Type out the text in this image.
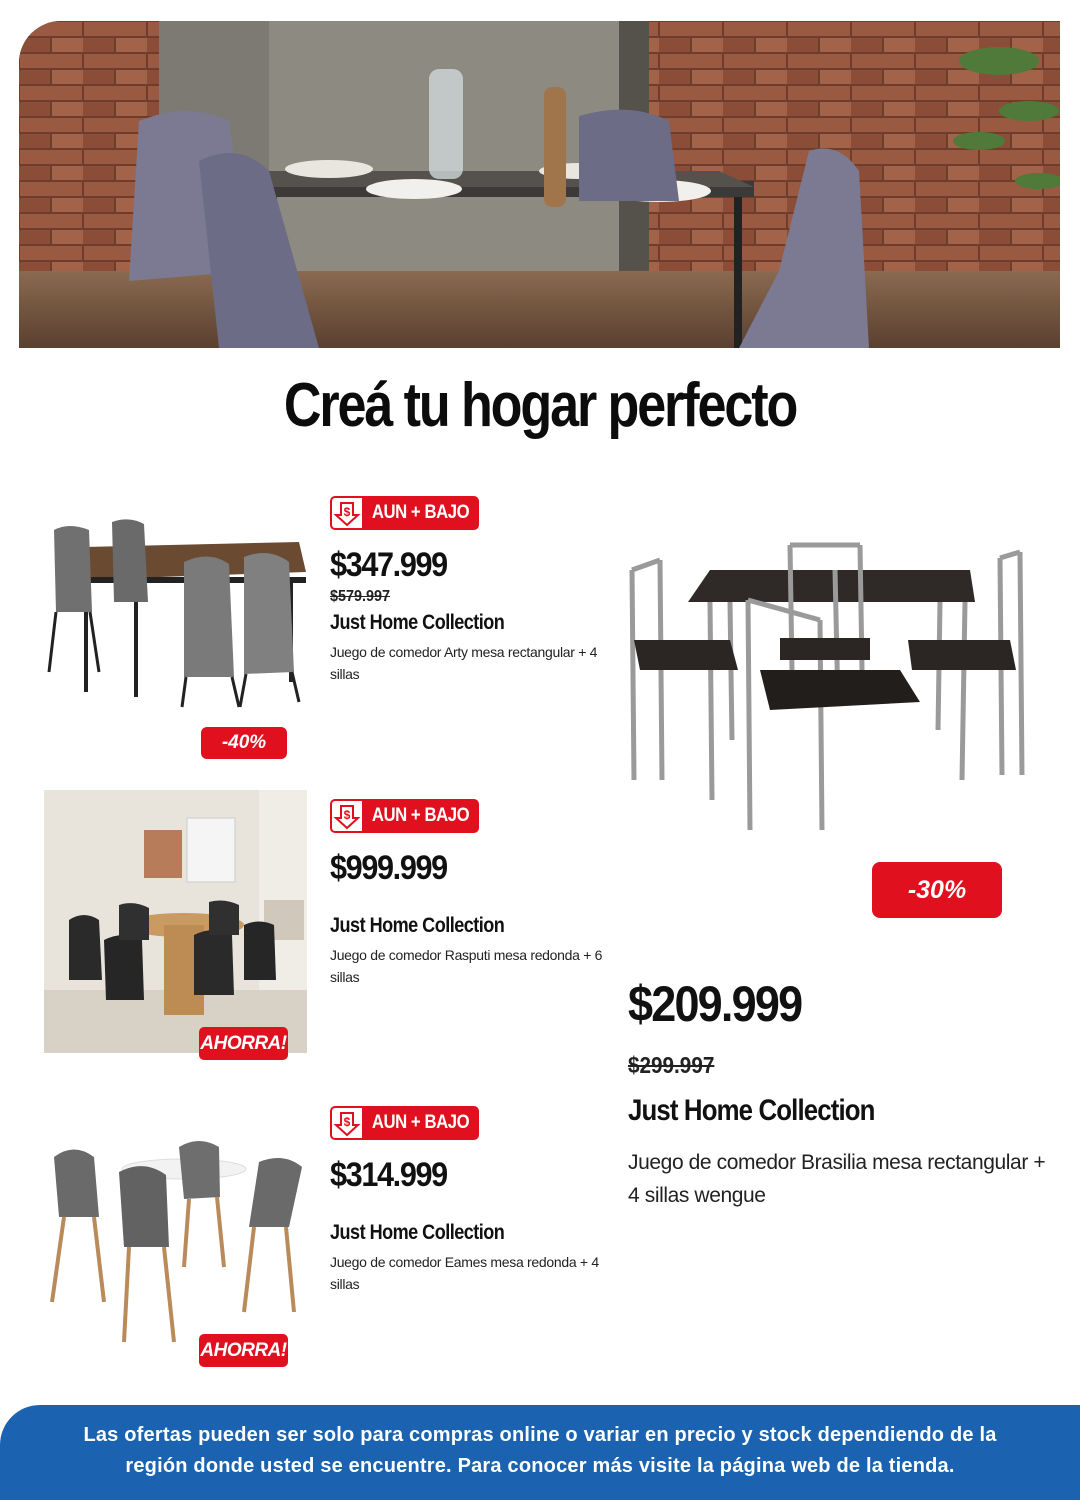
Creá tu hogar perfecto
-40%
$ AUN + BAJO
$347.999
$579.997
Just Home Collection
Juego de comedor Arty mesa rectangular + 4 sillas
AHORRA!
$ AUN + BAJO
$999.999
Just Home Collection
Juego de comedor Rasputi mesa redonda + 6 sillas
AHORRA!
$ AUN + BAJO
$314.999
Just Home Collection
Juego de comedor Eames mesa redonda + 4 sillas
-30%
$209.999
$299.997
Just Home Collection
Juego de comedor Brasilia mesa rectangular + 4 sillas wengue
Las ofertas pueden ser solo para compras online o variar en precio y stock dependiendo de la región donde usted se encuentre. Para conocer más visite la página web de la tienda.
